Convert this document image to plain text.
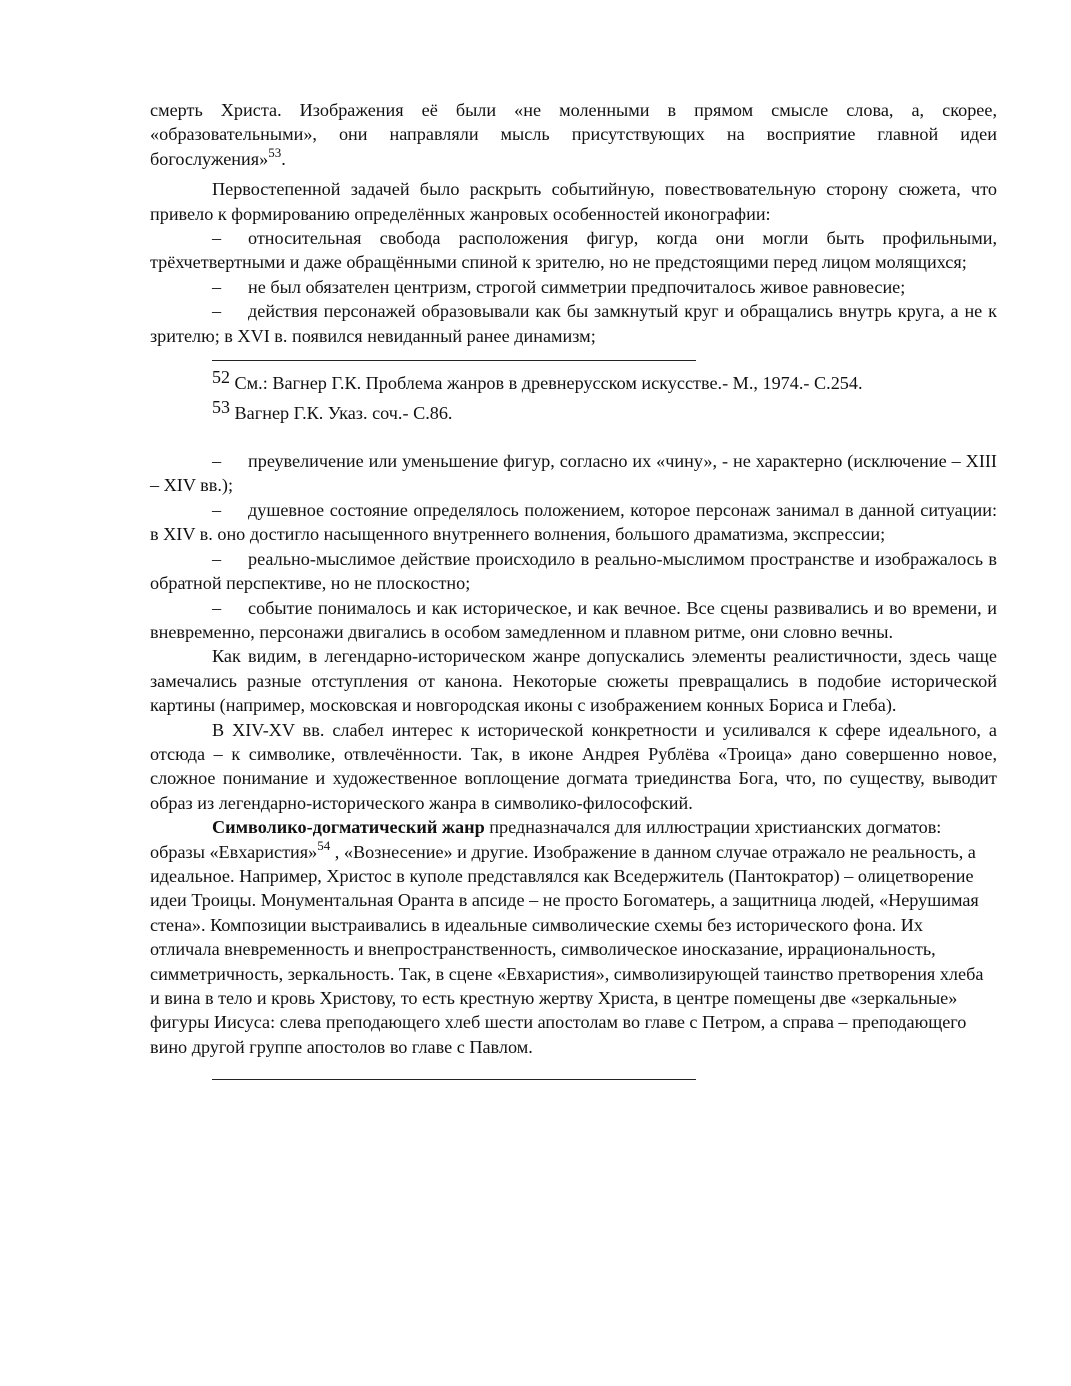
смерть Христа. Изображения её были «не моленными в прямом смысле слова, а, скорее, «образовательными», они направляли мысль присутствующих на восприятие главной идеи богослужения»$^{53}$.

Первостепенной задачей было раскрыть событийную, повествовательную сторону сюжета, что привело к формированию определённых жанровых особенностей иконографии:

– относительная свобода расположения фигур, когда они могли быть профильными, трёхчетвертными и даже обращёнными спиной к зрителю, но не предстоящими перед лицом молящихся;

– не был обязателен центризм, строгой симметрии предпочиталось живое равновесие;

– действия персонажей образовывали как бы замкнутый круг и обращались внутрь круга, а не к зрителю; в XVI в. появился невиданный ранее динамизм;

$^{52}$ См.: Вагнер Г.К. Проблема жанров в древнерусском искусстве.- М., 1974.- С.254.

$^{53}$ Вагнер Г.К. Указ. соч.- С.86.

– преувеличение или уменьшение фигур, согласно их «чину», - не характерно (исключение – XIII – XIV вв.);

– душевное состояние определялось положением, которое персонаж занимал в данной ситуации: в XIV в. оно достигло насыщенного внутреннего волнения, большого драматизма, экспрессии;

– реально-мыслимое действие происходило в реально-мыслимом пространстве и изображалось в обратной перспективе, но не плоскостно;

– событие понималось и как историческое, и как вечное. Все сцены развивались и во времени, и вневременно, персонажи двигались в особом замедленном и плавном ритме, они словно вечны.

Как видим, в легендарно-историческом жанре допускались элементы реалистичности, здесь чаще замечались разные отступления от канона. Некоторые сюжеты превращались в подобие исторической картины (например, московская и новгородская иконы с изображением конных Бориса и Глеба).

В XIV-XV вв. слабел интерес к исторической конкретности и усиливался к сфере идеального, а отсюда – к символике, отвлечённости. Так, в иконе Андрея Рублёва «Троица» дано совершенно новое, сложное понимание и художественное воплощение догмата триединства Бога, что, по существу, выводит образ из легендарно-исторического жанра в символико-философский.

Символико-догматический жанр предназначался для иллюстрации христианских догматов: образы «Евхаристия»$^{54}$ , «Вознесение» и другие. Изображение в данном случае отражало не реальность, а идеальное. Например, Христос в куполе представлялся как Вседержитель (Пантократор) – олицетворение идеи Троицы. Монументальная Оранта в апсиде – не просто Богоматерь, а защитница людей, «Нерушимая стена». Композиции выстраивались в идеальные символические схемы без исторического фона. Их отличала вневременность и внепространственность, символическое иносказание, иррациональность, симметричность, зеркальность. Так, в сцене «Евхаристия», символизирующей таинство претворения хлеба и вина в тело и кровь Христову, то есть крестную жертву Христа, в центре помещены две «зеркальные» фигуры Иисуса: слева преподающего хлеб шести апостолам во главе с Петром, а справа – преподающего вино другой группе апостолов во главе с Павлом.
